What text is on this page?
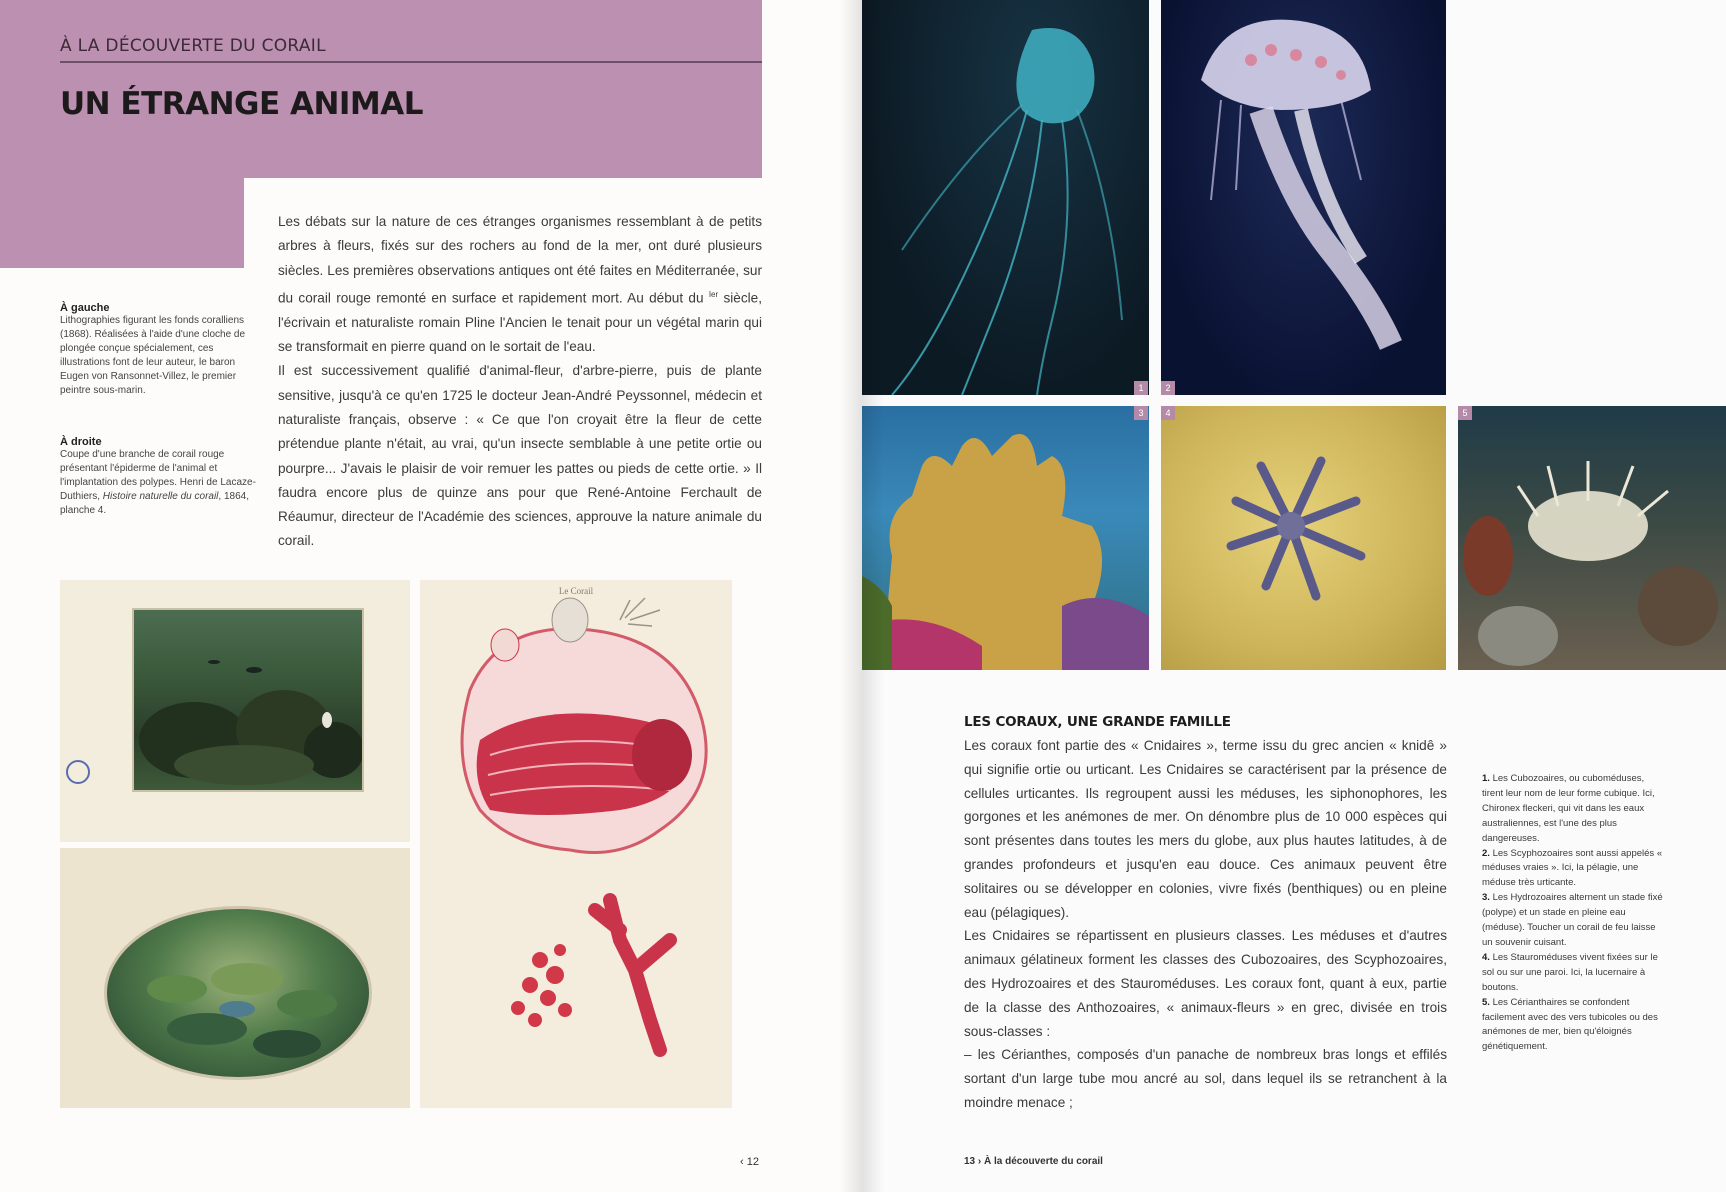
À LA DÉCOUVERTE DU CORAIL
UN ÉTRANGE ANIMAL
À gauche
Lithographies figurant les fonds coralliens (1868). Réalisées à l'aide d'une cloche de plongée conçue spécialement, ces illustrations font de leur auteur, le baron Eugen von Ransonnet-Villez, le premier peintre sous-marin.
À droite
Coupe d'une branche de corail rouge présentant l'épiderme de l'animal et l'implantation des polypes. Henri de Lacaze-Duthiers, Histoire naturelle du corail, 1864, planche 4.

Les débats sur la nature de ces étranges organismes ressemblant à de petits arbres à fleurs, fixés sur des rochers au fond de la mer, ont duré plusieurs siècles. Les premières observations antiques ont été faites en Méditerranée, sur du corail rouge remonté en surface et rapidement mort. Au début du $^{Ier}$ siècle, l'écrivain et naturaliste romain Pline l'Ancien le tenait pour un végétal marin qui se transformait en pierre quand on le sortait de l'eau.

Il est successivement qualifié d'animal-fleur, d'arbre-pierre, puis de plante sensitive, jusqu'à ce qu'en 1725 le docteur Jean-André Peyssonnel, médecin et naturaliste français, observe : « Ce que l'on croyait être la fleur de cette prétendue plante n'était, au vrai, qu'un insecte semblable à une petite ortie ou pourpre... J'avais le plaisir de voir remuer les pattes ou pieds de cette ortie. » Il faudra encore plus de quinze ans pour que René-Antoine Ferchault de Réaumur, directeur de l'Académie des sciences, approuve la nature animale du corail.

Le Corail
‹ 12
1	2
3	4	5
LES CORAUX, UNE GRANDE FAMILLE

Les coraux font partie des « Cnidaires », terme issu du grec ancien « knidê » qui signifie ortie ou urticant. Les Cnidaires se caractérisent par la présence de cellules urticantes. Ils regroupent aussi les méduses, les siphonophores, les gorgones et les anémones de mer. On dénombre plus de 10 000 espèces qui sont présentes dans toutes les mers du globe, aux plus hautes latitudes, à de grandes profondeurs et jusqu'en eau douce. Ces animaux peuvent être solitaires ou se développer en colonies, vivre fixés (benthiques) ou en pleine eau (pélagiques).

Les Cnidaires se répartissent en plusieurs classes. Les méduses et d'autres animaux gélatineux forment les classes des Cubozoaires, des Scyphozoaires, des Hydrozoaires et des Stauroméduses. Les coraux font, quant à eux, partie de la classe des Anthozoaires, « animaux-fleurs » en grec, divisée en trois sous-classes :

– les Cérianthes, composés d'un panache de nombreux bras longs et effilés sortant d'un large tube mou ancré au sol, dans lequel ils se retranchent à la moindre menace ;

1. Les Cubozoaires, ou cuboméduses, tirent leur nom de leur forme cubique. Ici, Chironex fleckeri, qui vit dans les eaux australiennes, est l'une des plus dangereuses.

2. Les Scyphozoaires sont aussi appelés « méduses vraies ». Ici, la pélagie, une méduse très urticante.

3. Les Hydrozoaires alternent un stade fixé (polype) et un stade en pleine eau (méduse). Toucher un corail de feu laisse un souvenir cuisant.

4. Les Stauroméduses vivent fixées sur le sol ou sur une paroi. Ici, la lucernaire à boutons.

5. Les Cérianthaires se confondent facilement avec des vers tubicoles ou des anémones de mer, bien qu'éloignés génétiquement.

13 › À la découverte du corail
